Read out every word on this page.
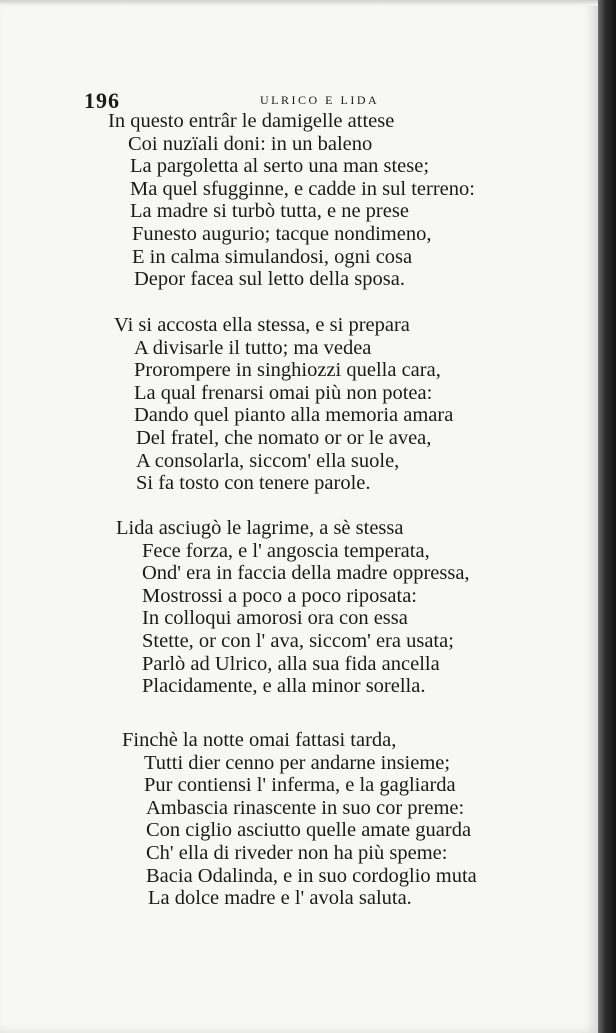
196	ULRICO E LIDA
In questo entrâr le damigelle attese
Coi nuzïali doni: in un baleno
La pargoletta al serto una man stese;
Ma quel sfugginne, e cadde in sul terreno:
La madre si turbò tutta, e ne prese
Funesto augurio; tacque nondimeno,
E in calma simulandosi, ogni cosa
Depor facea sul letto della sposa.
Vi si accosta ella stessa, e si prepara
A divisarle il tutto; ma vedea
Prorompere in singhiozzi quella cara,
La qual frenarsi omai più non potea:
Dando quel pianto alla memoria amara
Del fratel, che nomato or or le avea,
A consolarla, siccom' ella suole,
Si fa tosto con tenere parole.
Lida asciugò le lagrime, a sè stessa
Fece forza, e l' angoscia temperata,
Ond' era in faccia della madre oppressa,
Mostrossi a poco a poco riposata:
In colloqui amorosi ora con essa
Stette, or con l' ava, siccom' era usata;
Parlò ad Ulrico, alla sua fida ancella
Placidamente, e alla minor sorella.
Finchè la notte omai fattasi tarda,
Tutti dier cenno per andarne insieme;
Pur contiensi l' inferma, e la gagliarda
Ambascia rinascente in suo cor preme:
Con ciglio asciutto quelle amate guarda
Ch' ella di riveder non ha più speme:
Bacia Odalinda, e in suo cordoglio muta
La dolce madre e l' avola saluta.
